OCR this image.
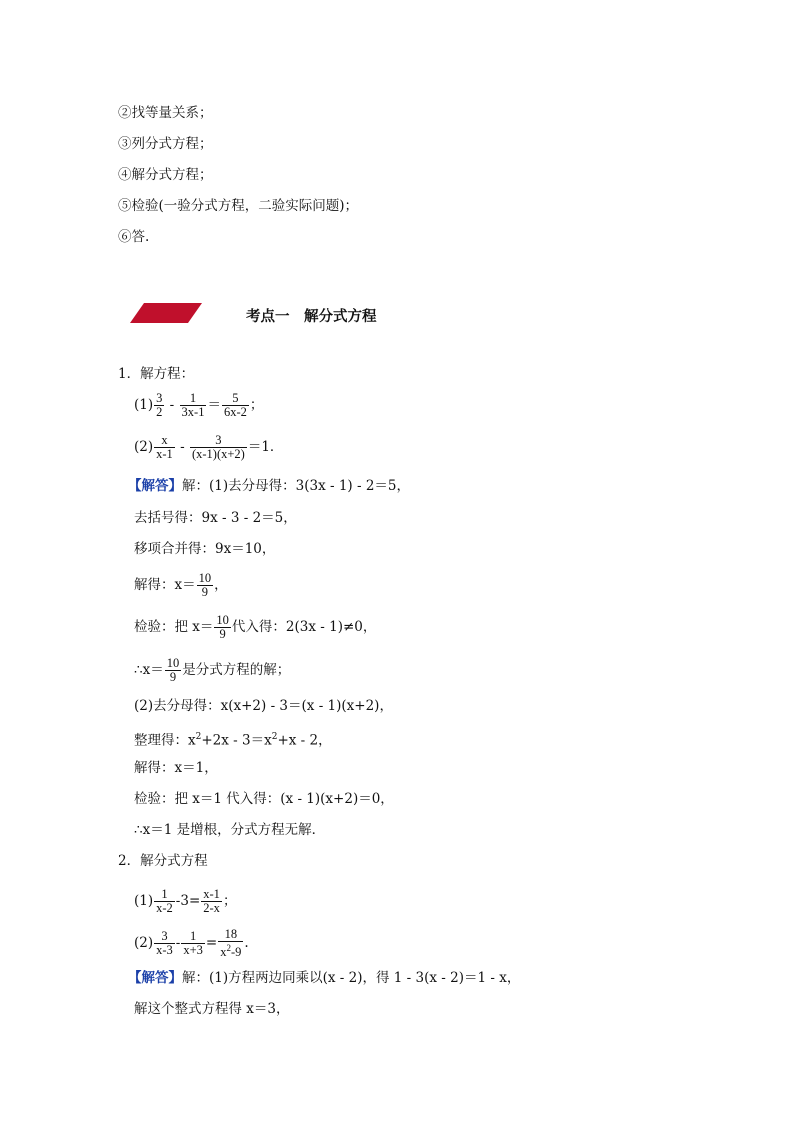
②找等量关系；
③列分式方程；
④解分式方程；
⑤检验(一验分式方程，二验实际问题)；
⑥答.
考点一　解分式方程
1．解方程：
$(1) \frac{3}{2} - \frac{1}{3x-1} = \frac{5}{6x-2}$ ；
$(2) \frac{x}{x-1} - \frac{3}{(x-1)(x+2)} =1$．
【解答】解：(1)去分母得：3(3x - 1) - 2＝5，
去括号得：9x - 3 - 2＝5，
移项合并得：9x＝10，
解得：$x= \frac{10}{9}$ ，
检验：把 $x= \frac{10}{9}$ 代入得：2(3x - 1)≠0，
∴x＝ $\frac{10}{9}$ 是分式方程的解；
(2)去分母得：x(x+2) - 3＝(x - 1)(x+2)，
整理得：$x^2+2x - 3=x^2+x - 2$，
解得：x＝1，
检验：把 x＝1 代入得：(x - 1)(x+2)＝0，
∴x＝1 是增根，分式方程无解．
2．解分式方程
$(1) \frac{1}{x-2} -3= \frac{x-1}{2-x}$ ；
$(2) \frac{3}{x-3} - \frac{1}{x+3} = \frac{18}{x^2-9}$ .
【解答】解：(1)方程两边同乘以(x - 2)，得 1 - 3(x - 2)＝1 - x，
解这个整式方程得 x＝3，
